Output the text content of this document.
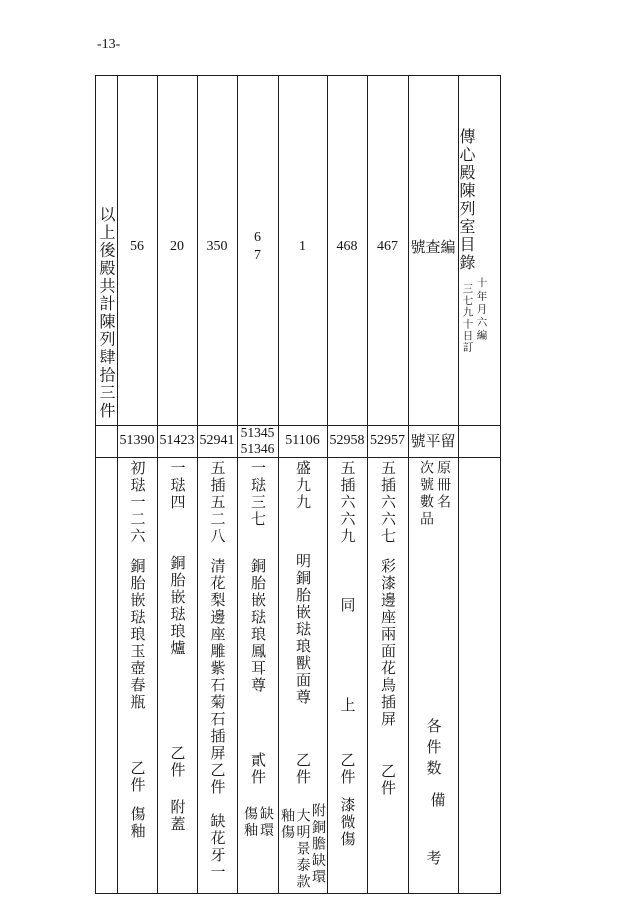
-13-
傳心殿陳列室目錄
十年月六編
三七九十日訂
號查編
號平留
原冊名
次號數品
各件数
備
考
以上後殿共計陳列肆拾三件	467
52957
五插六六七
彩漆邊座兩面花鳥插屏
乙件
468
52958
五插六六九
同
上
乙件
漆微傷
1
51106
盛九九
明銅胎嵌琺琅獸面尊
乙件
附銅膽缺環
大明景泰款
釉傷
6
7
51345
51346
一琺三七
銅胎嵌琺琅鳳耳尊
貳件
缺環
傷釉
350
52941
五插五二八
清花梨邊座雕紫石菊石插屏
乙件
缺花牙一
20
51423
一琺四
銅胎嵌琺琅爐
乙件
附蓋
56
51390
初琺一二六
銅胎嵌琺琅玉壺春瓶
乙件
傷釉
